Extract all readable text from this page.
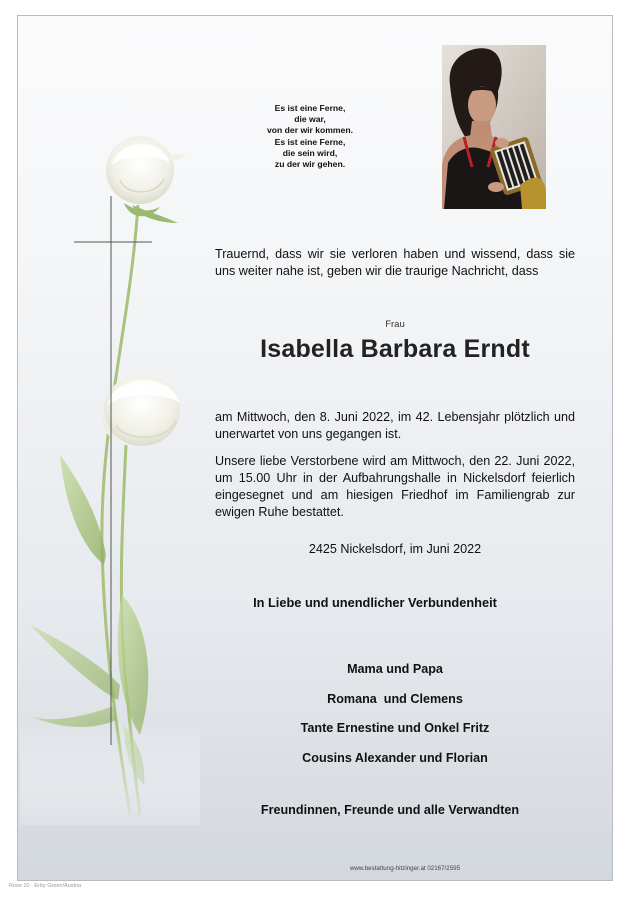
Es ist eine Ferne,
die war,
von der wir kommen.
Es ist eine Ferne,
die sein wird,
zu der wir gehen.
Trauernd, dass wir sie verloren haben und wissend, dass sie uns weiter nahe ist, geben wir die traurige Nachricht, dass
Frau
Isabella Barbara Erndt
am Mittwoch, den 8. Juni 2022, im 42. Lebensjahr plötzlich und unerwartet von uns gegangen ist.
Unsere liebe Verstorbene wird am Mittwoch, den 22. Juni 2022, um 15.00 Uhr in der Aufbahrungshalle in Nickelsdorf feierlich eingesegnet und am hiesigen Friedhof im Familiengrab zur ewigen Ruhe bestattet.
2425 Nickelsdorf, im Juni 2022
In Liebe und unendlicher Verbundenheit
Mama und Papa
Romana  und Clemens
Tante Ernestine und Onkel Fritz
Cousins Alexander und Florian
Freundinnen, Freunde und alle Verwandten
www.bestattung-hitzinger.at 02167/2595
Rose 10 · Erby Green/Austria
